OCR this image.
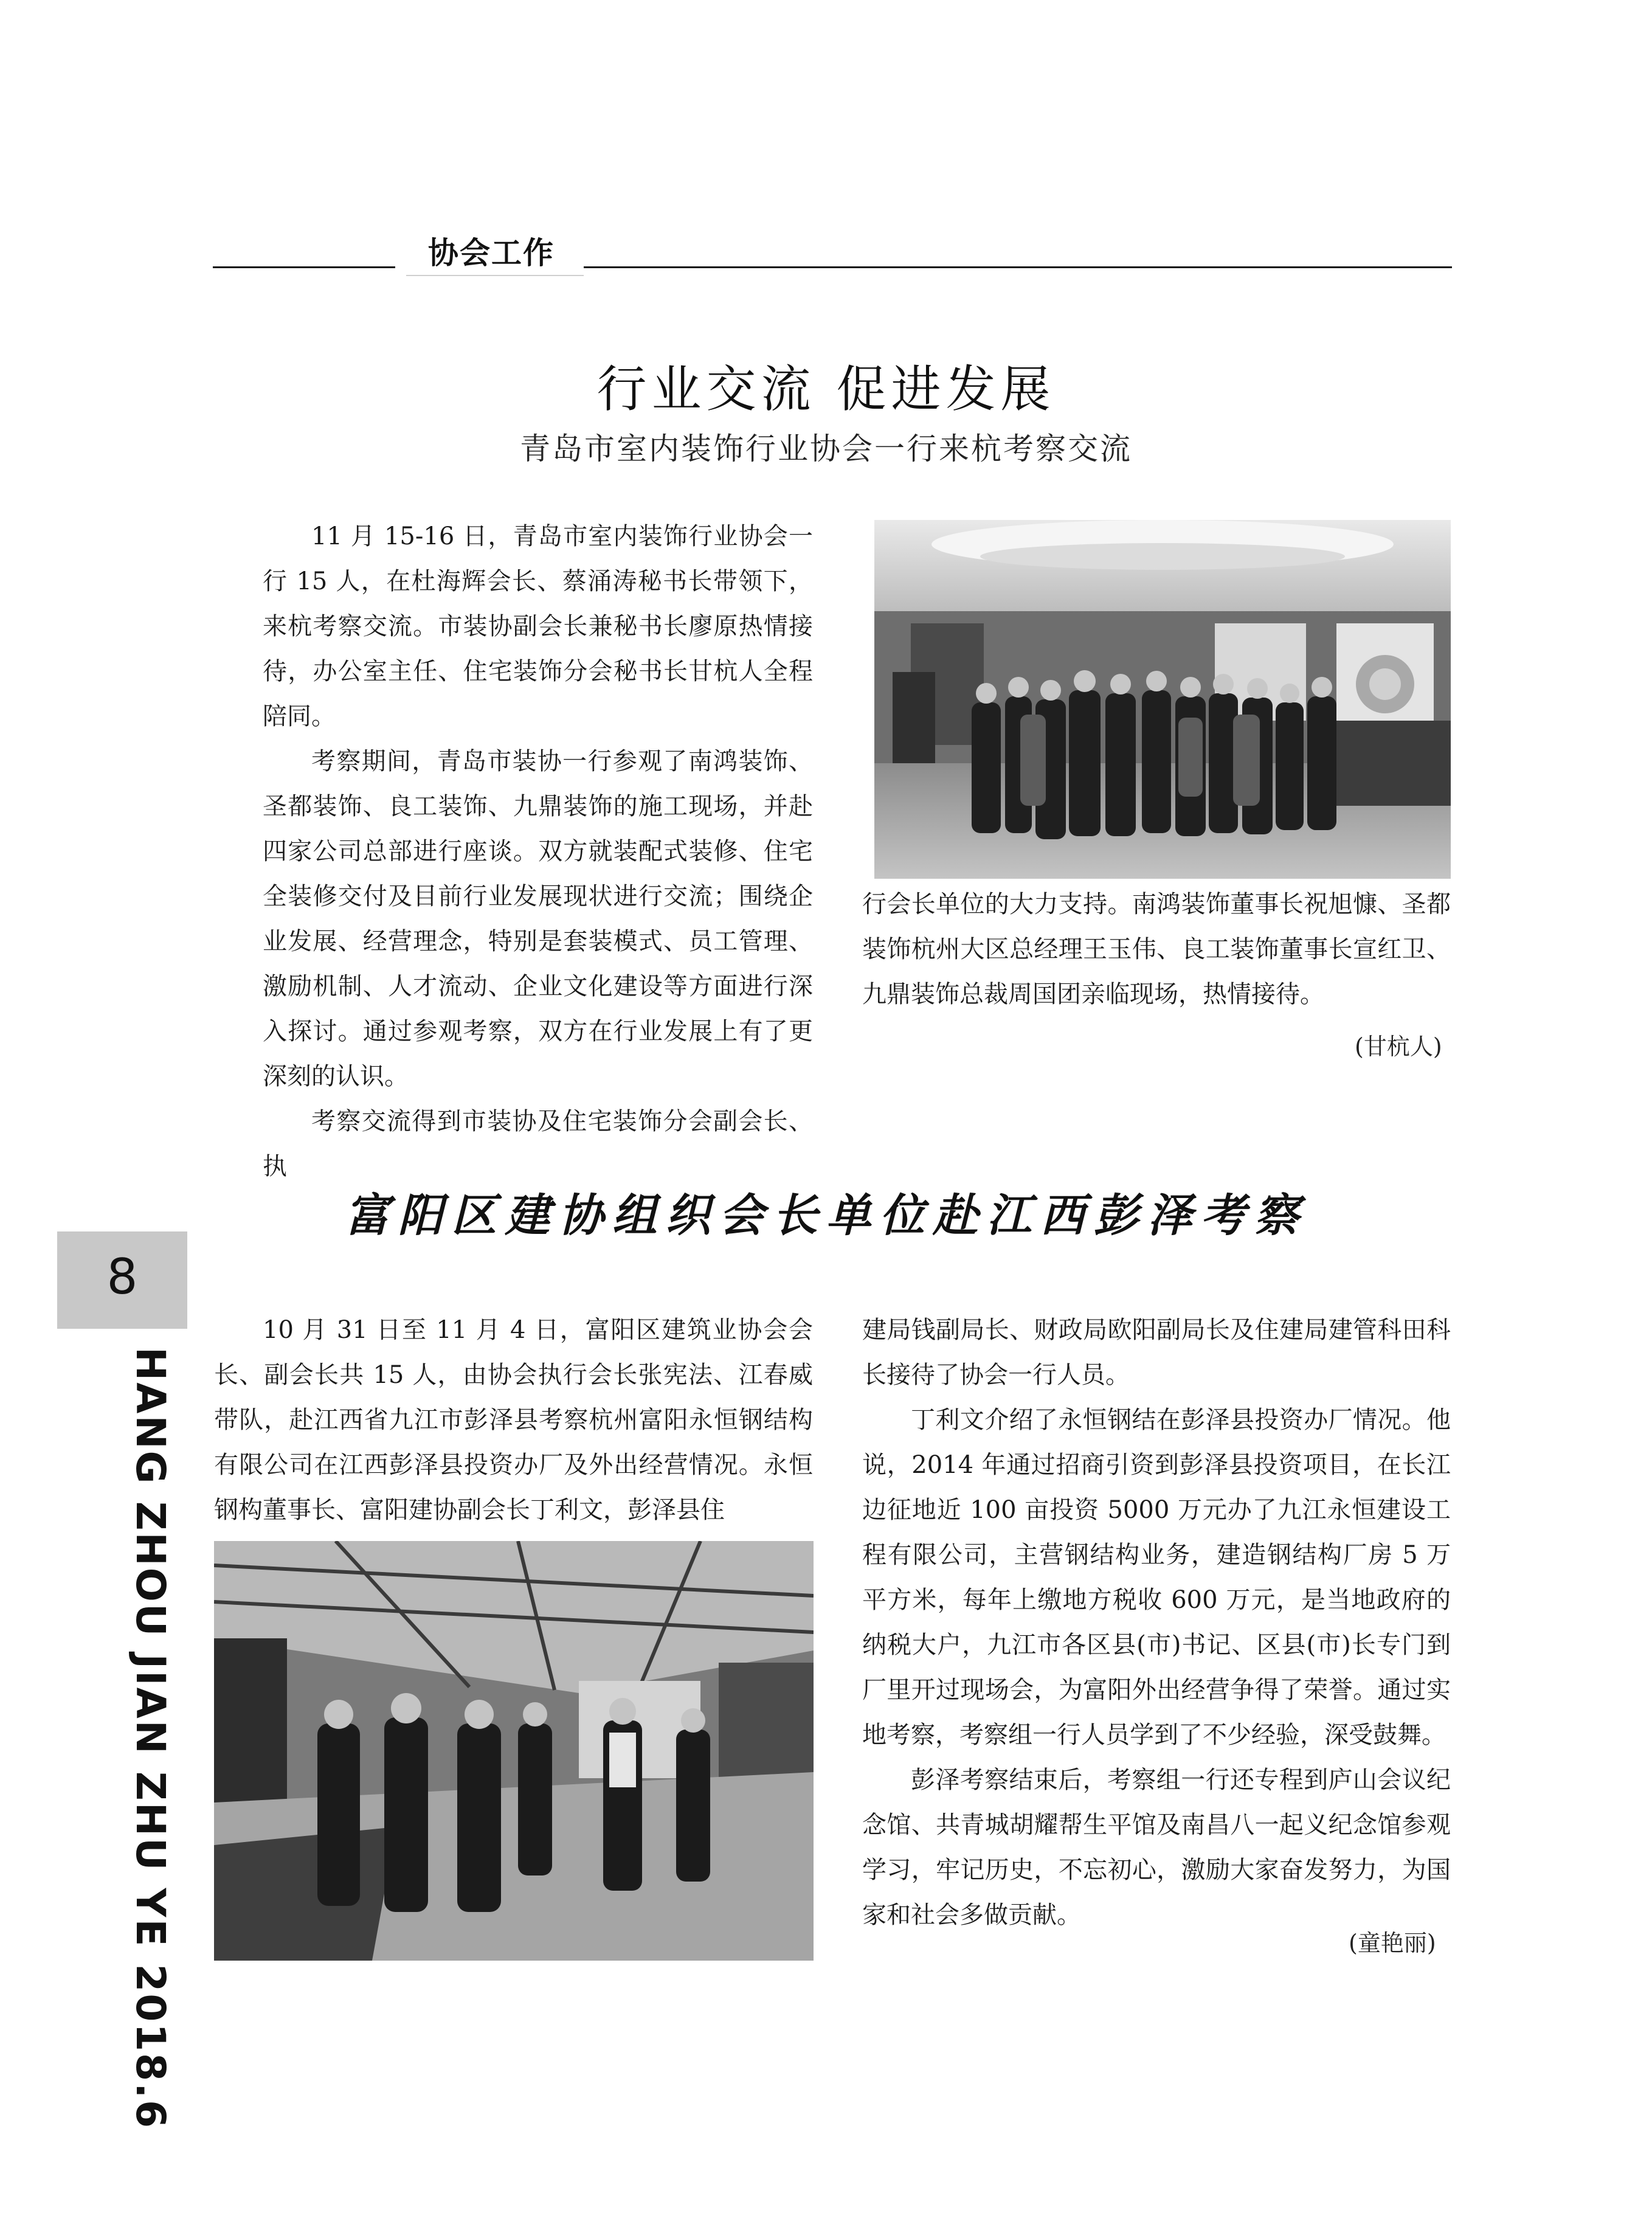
协会工作
行业交流 促进发展
青岛市室内装饰行业协会一行来杭考察交流

11 月 15-16 日，青岛市室内装饰行业协会一行 15 人，在杜海辉会长、蔡涌涛秘书长带领下，来杭考察交流。市装协副会长兼秘书长廖原热情接待，办公室主任、住宅装饰分会秘书长甘杭人全程陪同。

考察期间，青岛市装协一行参观了南鸿装饰、圣都装饰、良工装饰、九鼎装饰的施工现场，并赴四家公司总部进行座谈。双方就装配式装修、住宅全装修交付及目前行业发展现状进行交流；围绕企业发展、经营理念，特别是套装模式、员工管理、激励机制、人才流动、企业文化建设等方面进行深入探讨。通过参观考察，双方在行业发展上有了更深刻的认识。

考察交流得到市装协及住宅装饰分会副会长、执

行会长单位的大力支持。南鸿装饰董事长祝旭慷、圣都装饰杭州大区总经理王玉伟、良工装饰董事长宣红卫、九鼎装饰总裁周国团亲临现场，热情接待。

(甘杭人)
富阳区建协组织会长单位赴江西彭泽考察

10 月 31 日至 11 月 4 日，富阳区建筑业协会会长、副会长共 15 人，由协会执行会长张宪法、江春威带队，赴江西省九江市彭泽县考察杭州富阳永恒钢结构有限公司在江西彭泽县投资办厂及外出经营情况。永恒钢构董事长、富阳建协副会长丁利文，彭泽县住

建局钱副局长、财政局欧阳副局长及住建局建管科田科长接待了协会一行人员。

丁利文介绍了永恒钢结在彭泽县投资办厂情况。他说，2014 年通过招商引资到彭泽县投资项目，在长江边征地近 100 亩投资 5000 万元办了九江永恒建设工程有限公司，主营钢结构业务，建造钢结构厂房 5 万平方米，每年上缴地方税收 600 万元，是当地政府的纳税大户，九江市各区县(市)书记、区县(市)长专门到厂里开过现场会，为富阳外出经营争得了荣誉。通过实地考察，考察组一行人员学到了不少经验，深受鼓舞。

彭泽考察结束后，考察组一行还专程到庐山会议纪念馆、共青城胡耀帮生平馆及南昌八一起义纪念馆参观学习，牢记历史，不忘初心，激励大家奋发努力，为国家和社会多做贡献。

(童艳丽)
8
HANG ZHOU JIAN ZHU YE 2018.6
